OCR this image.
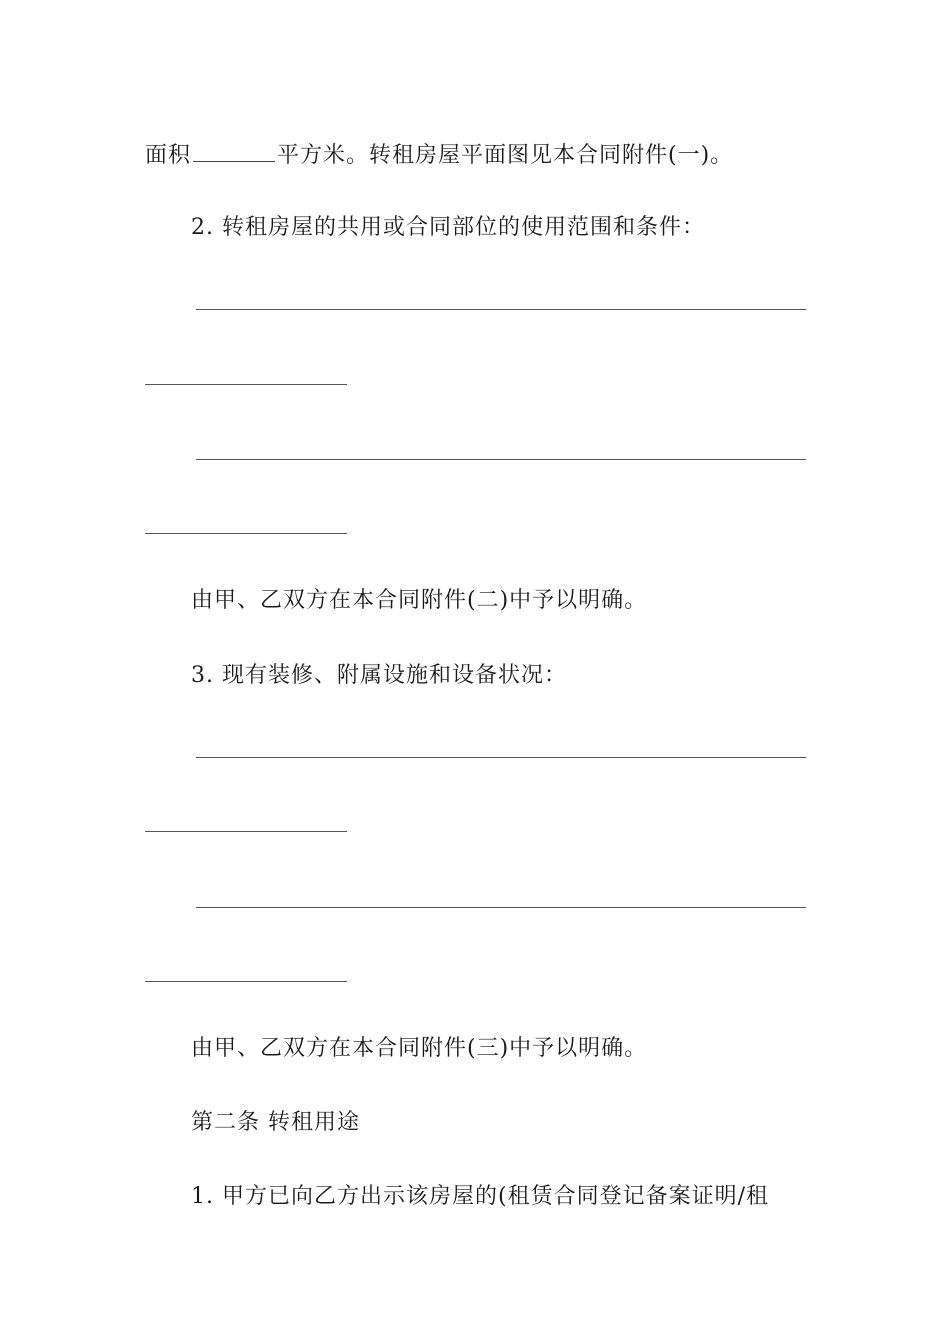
面积	平方米。转租房屋平面图见本合同附件(一)。
2. 转租房屋的共用或合同部位的使用范围和条件：
由甲、乙双方在本合同附件(二)中予以明确。
3. 现有装修、附属设施和设备状况：
由甲、乙双方在本合同附件(三)中予以明确。
第二条 转租用途
1. 甲方已向乙方出示该房屋的(租赁合同登记备案证明/租
